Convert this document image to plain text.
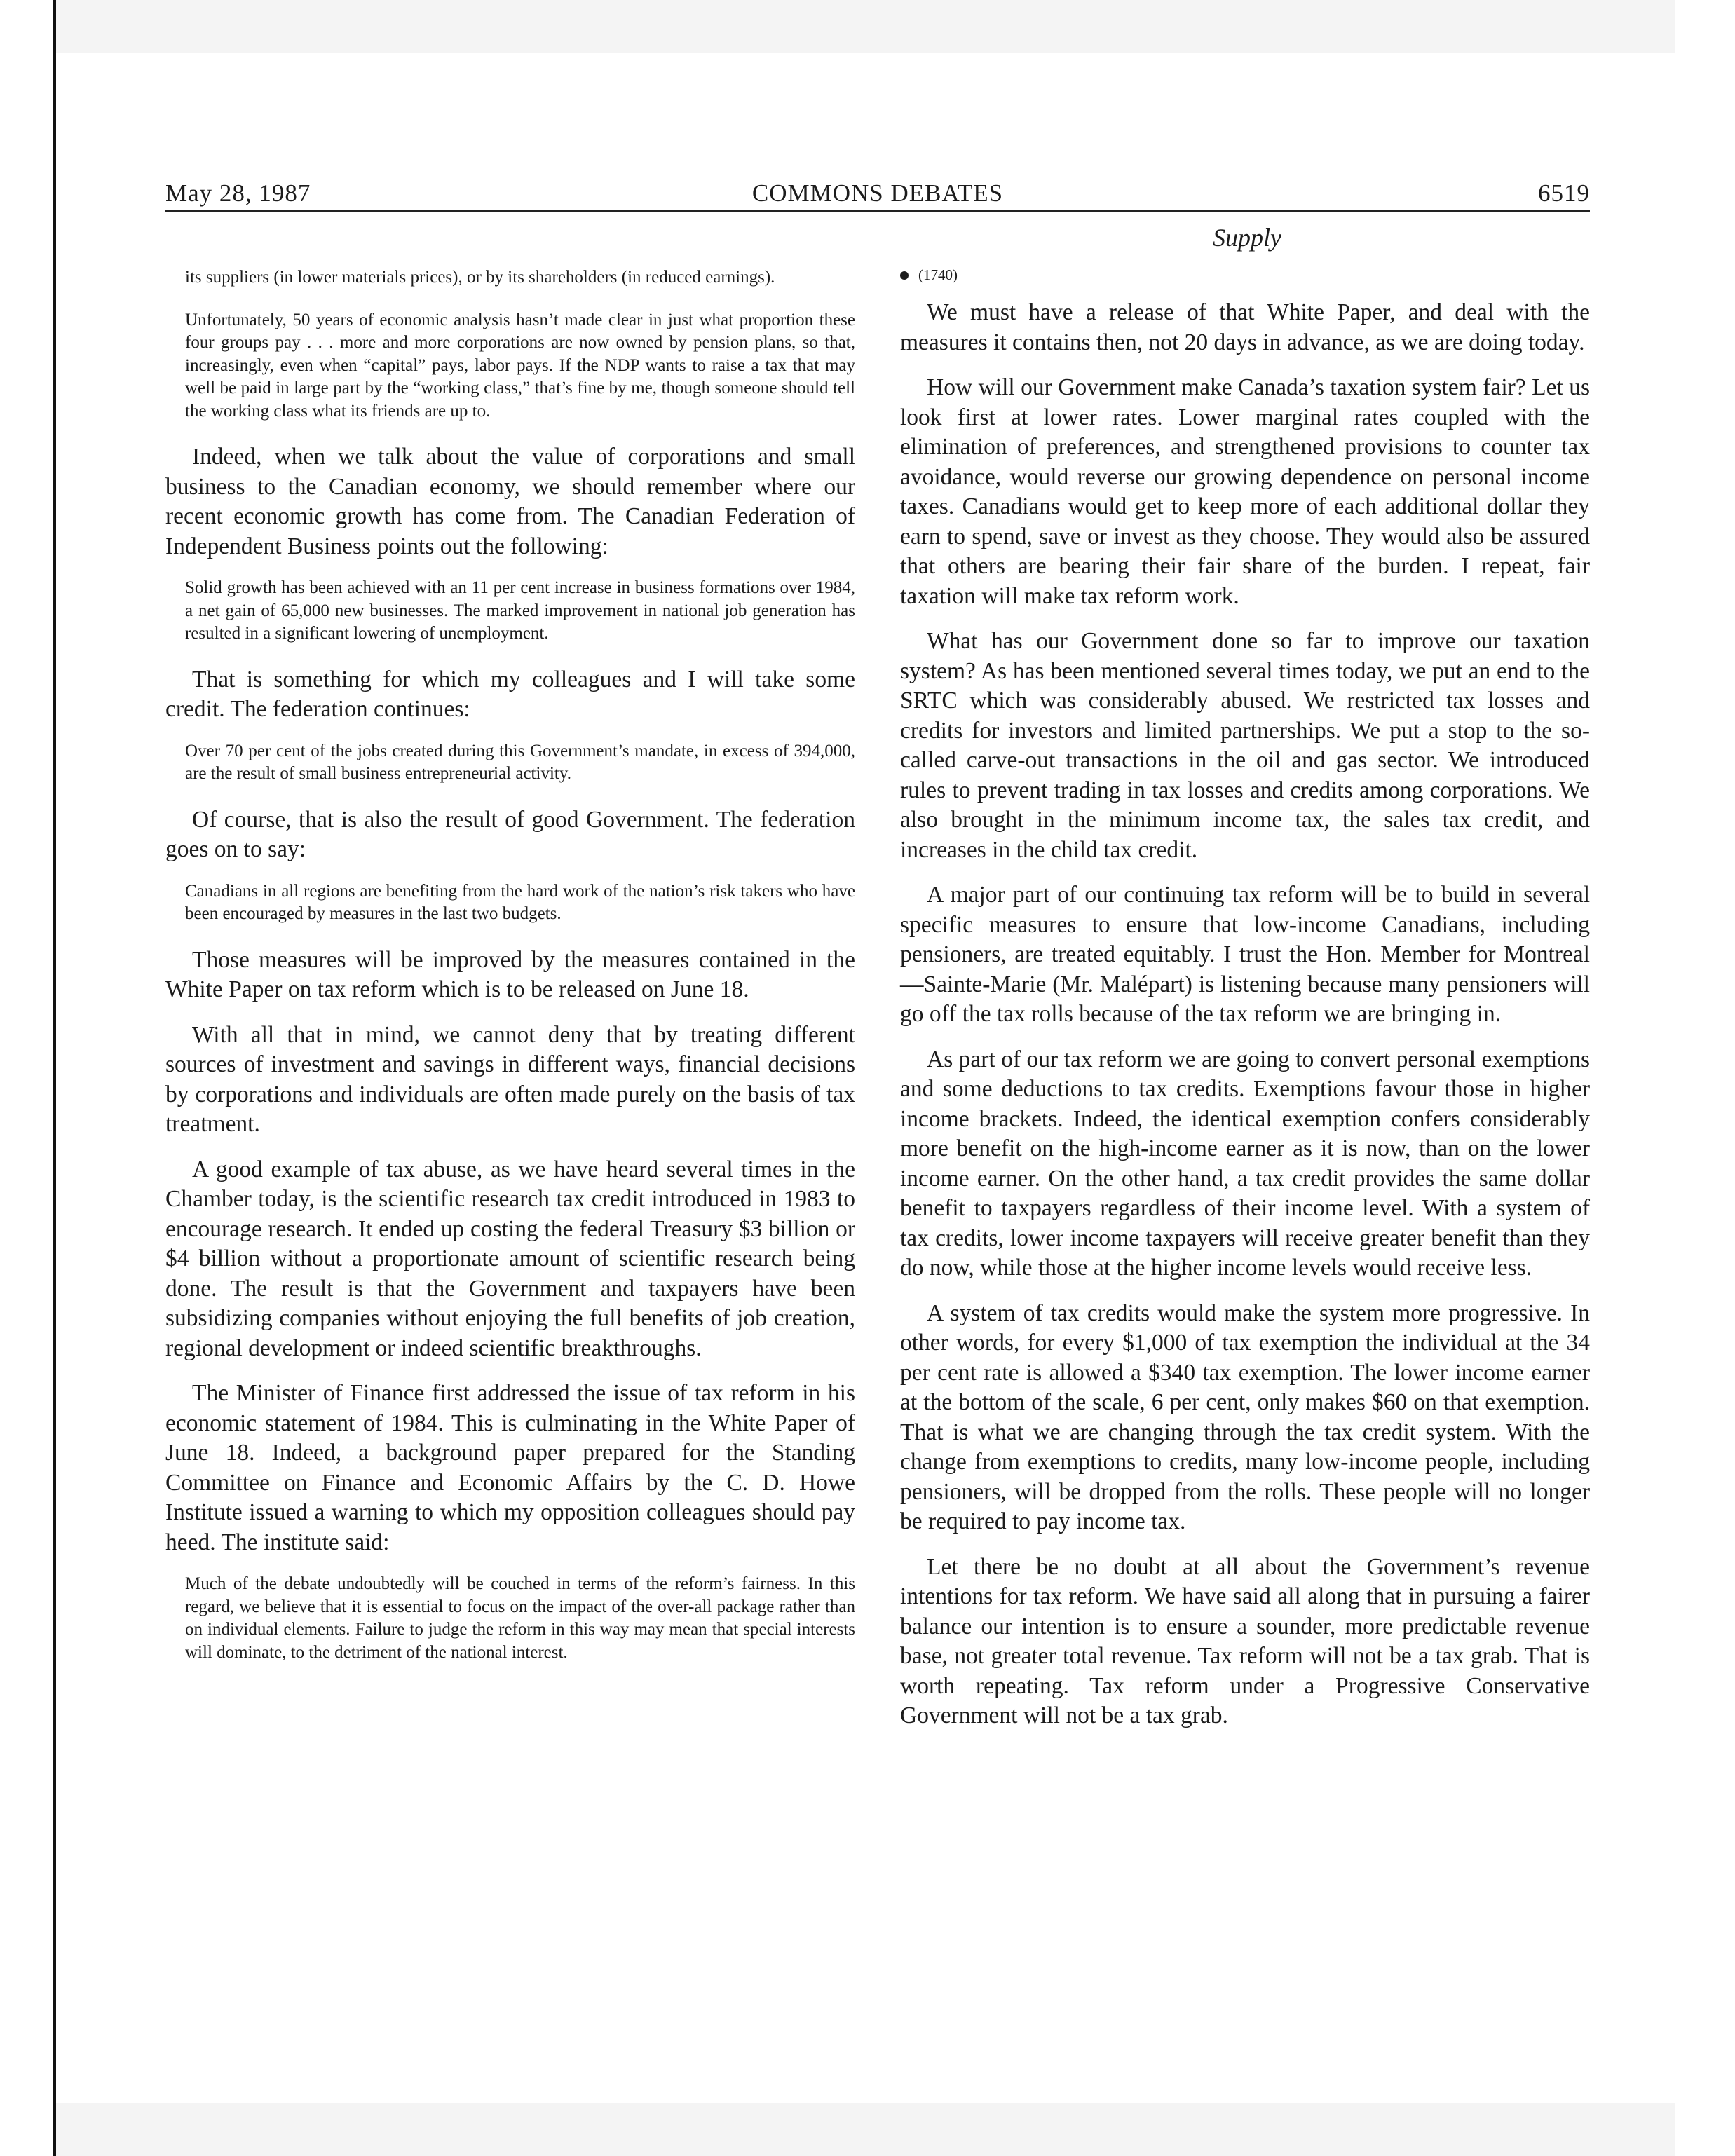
May 28, 1987	COMMONS DEBATES	6519
Supply

its suppliers (in lower materials prices), or by its shareholders (in reduced earnings).

Unfortunately, 50 years of economic analysis hasn’t made clear in just what proportion these four groups pay . . . more and more corporations are now owned by pension plans, so that, increasingly, even when “capital” pays, labor pays. If the NDP wants to raise a tax that may well be paid in large part by the “working class,” that’s fine by me, though someone should tell the working class what its friends are up to.

Indeed, when we talk about the value of corporations and small business to the Canadian economy, we should remember where our recent economic growth has come from. The Canadian Federation of Independent Business points out the following:

Solid growth has been achieved with an 11 per cent increase in business formations over 1984, a net gain of 65,000 new businesses. The marked improvement in national job generation has resulted in a significant lowering of unemployment.

That is something for which my colleagues and I will take some credit. The federation continues:

Over 70 per cent of the jobs created during this Government’s mandate, in excess of 394,000, are the result of small business entrepreneurial activity.

Of course, that is also the result of good Government. The federation goes on to say:

Canadians in all regions are benefiting from the hard work of the nation’s risk takers who have been encouraged by measures in the last two budgets.

Those measures will be improved by the measures contained in the White Paper on tax reform which is to be released on June 18.

With all that in mind, we cannot deny that by treating different sources of investment and savings in different ways, financial decisions by corporations and individuals are often made purely on the basis of tax treatment.

A good example of tax abuse, as we have heard several times in the Chamber today, is the scientific research tax credit introduced in 1983 to encourage research. It ended up costing the federal Treasury $3 billion or $4 billion without a proportionate amount of scientific research being done. The result is that the Government and taxpayers have been subsidizing companies without enjoying the full benefits of job creation, regional development or indeed scientific breakthroughs.

The Minister of Finance first addressed the issue of tax reform in his economic statement of 1984. This is culminating in the White Paper of June 18. Indeed, a background paper prepared for the Standing Committee on Finance and Economic Affairs by the C. D. Howe Institute issued a warning to which my opposition colleagues should pay heed. The institute said:

Much of the debate undoubtedly will be couched in terms of the reform’s fairness. In this regard, we believe that it is essential to focus on the impact of the over-all package rather than on individual elements. Failure to judge the reform in this way may mean that special interests will dominate, to the detriment of the national interest.

(1740)

We must have a release of that White Paper, and deal with the measures it contains then, not 20 days in advance, as we are doing today.

How will our Government make Canada’s taxation system fair? Let us look first at lower rates. Lower marginal rates coupled with the elimination of preferences, and strengthened provisions to counter tax avoidance, would reverse our growing dependence on personal income taxes. Canadians would get to keep more of each additional dollar they earn to spend, save or invest as they choose. They would also be assured that others are bearing their fair share of the burden. I repeat, fair taxation will make tax reform work.

What has our Government done so far to improve our taxation system? As has been mentioned several times today, we put an end to the SRTC which was considerably abused. We restricted tax losses and credits for investors and limited partnerships. We put a stop to the so-called carve-out transactions in the oil and gas sector. We introduced rules to prevent trading in tax losses and credits among corporations. We also brought in the minimum income tax, the sales tax credit, and increases in the child tax credit.

A major part of our continuing tax reform will be to build in several specific measures to ensure that low-income Canadians, including pensioners, are treated equitably. I trust the Hon. Member for Montreal—Sainte-Marie (Mr. Malépart) is listening because many pensioners will go off the tax rolls because of the tax reform we are bringing in.

As part of our tax reform we are going to convert personal exemptions and some deductions to tax credits. Exemptions favour those in higher income brackets. Indeed, the identical exemption confers considerably more benefit on the high-income earner as it is now, than on the lower income earner. On the other hand, a tax credit provides the same dollar benefit to taxpayers regardless of their income level. With a system of tax credits, lower income taxpayers will receive greater benefit than they do now, while those at the higher income levels would receive less.

A system of tax credits would make the system more progressive. In other words, for every $1,000 of tax exemption the individual at the 34 per cent rate is allowed a $340 tax exemption. The lower income earner at the bottom of the scale, 6 per cent, only makes $60 on that exemption. That is what we are changing through the tax credit system. With the change from exemptions to credits, many low-income people, including pensioners, will be dropped from the rolls. These people will no longer be required to pay income tax.

Let there be no doubt at all about the Government’s revenue intentions for tax reform. We have said all along that in pursuing a fairer balance our intention is to ensure a sounder, more predictable revenue base, not greater total revenue. Tax reform will not be a tax grab. That is worth repeating. Tax reform under a Progressive Conservative Government will not be a tax grab.
